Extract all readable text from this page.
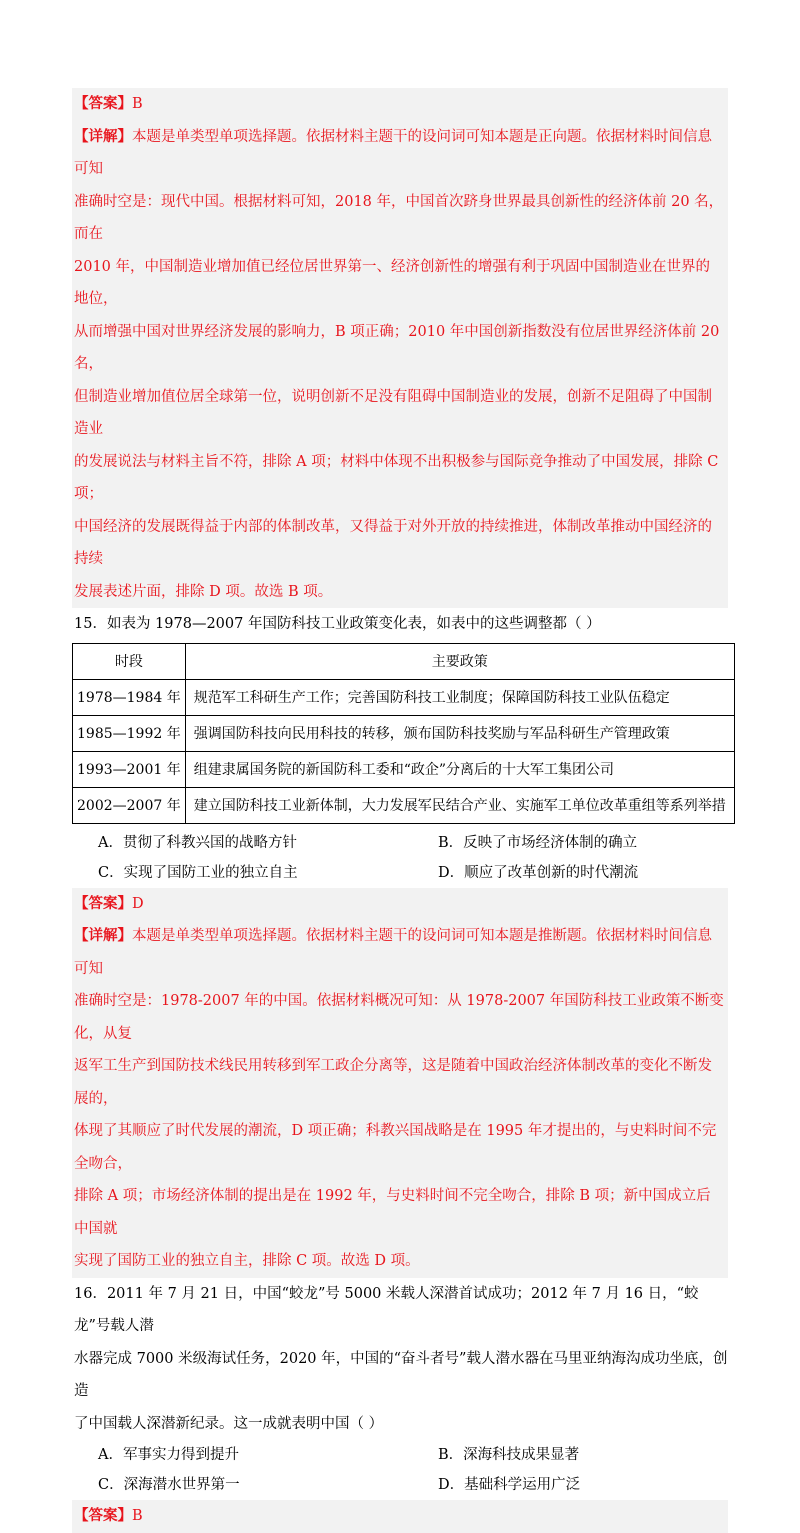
【答案】B

【详解】本题是单类型单项选择题。依据材料主题干的设问词可知本题是正向题。依据材料时间信息可知

准确时空是：现代中国。根据材料可知，2018 年，中国首次跻身世界最具创新性的经济体前 20 名，而在

2010 年，中国制造业增加值已经位居世界第一、经济创新性的增强有利于巩固中国制造业在世界的地位，

从而增强中国对世界经济发展的影响力，B 项正确；2010 年中国创新指数没有位居世界经济体前 20 名，

但制造业增加值位居全球第一位，说明创新不足没有阻碍中国制造业的发展，创新不足阻碍了中国制造业

的发展说法与材料主旨不符，排除 A 项；材料中体现不出积极参与国际竞争推动了中国发展，排除 C 项；

中国经济的发展既得益于内部的体制改革，又得益于对外开放的持续推进，体制改革推动中国经济的持续

发展表述片面，排除 D 项。故选 B 项。

15．如表为 1978—2007 年国防科技工业政策变化表，如表中的这些调整都（ ）

时段	主要政策
1978—1984 年	规范军工科研生产工作；完善国防科技工业制度；保障国防科技工业队伍稳定
1985—1992 年	强调国防科技向民用科技的转移，颁布国防科技奖励与军品科研生产管理政策
1993—2001 年	组建隶属国务院的新国防科工委和“政企”分离后的十大军工集团公司
2002—2007 年	建立国防科技工业新体制，大力发展军民结合产业、实施军工单位改革重组等系列举措
A．贯彻了科教兴国的战略方针	B．反映了市场经济体制的确立
C．实现了国防工业的独立自主	D．顺应了改革创新的时代潮流

【答案】D

【详解】本题是单类型单项选择题。依据材料主题干的设问词可知本题是推断题。依据材料时间信息可知

准确时空是：1978-2007 年的中国。依据材料概况可知：从 1978-2007 年国防科技工业政策不断变化，从复

返军工生产到国防技术线民用转移到军工政企分离等，这是随着中国政治经济体制改革的变化不断发展的，

体现了其顺应了时代发展的潮流，D 项正确；科教兴国战略是在 1995 年才提出的，与史料时间不完全吻合，

排除 A 项；市场经济体制的提出是在 1992 年，与史料时间不完全吻合，排除 B 项；新中国成立后中国就

实现了国防工业的独立自主，排除 C 项。故选 D 项。

16．2011 年 7 月 21 日，中国“蛟龙”号 5000 米载人深潜首试成功；2012 年 7 月 16 日，“蛟龙”号载人潜

水器完成 7000 米级海试任务，2020 年，中国的“奋斗者号”载人潜水器在马里亚纳海沟成功坐底，创造

了中国载人深潜新纪录。这一成就表明中国（ ）

A．军事实力得到提升	B．深海科技成果显著
C．深海潜水世界第一	D．基础科学运用广泛

【答案】B
